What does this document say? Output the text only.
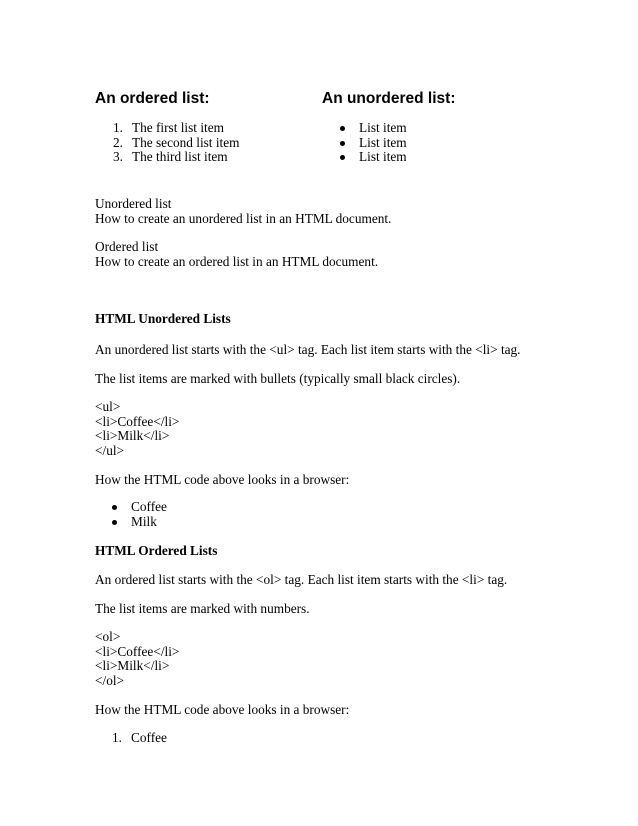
An ordered list:	An unordered list:
1. The first list item
2. The second list item
3. The third list item
List item
List item
List item

Unordered list

How to create an unordered list in an HTML document.

Ordered list

How to create an ordered list in an HTML document.

HTML Unordered Lists

An unordered list starts with the <ul> tag. Each list item starts with the <li> tag.

The list items are marked with bullets (typically small black circles).

<ul>
<li>Coffee</li>
<li>Milk</li>
</ul>

How the HTML code above looks in a browser:

Coffee
Milk
HTML Ordered Lists

An ordered list starts with the <ol> tag. Each list item starts with the <li> tag.

The list items are marked with numbers.

<ol>
<li>Coffee</li>
<li>Milk</li>
</ol>

How the HTML code above looks in a browser:

1. Coffee
